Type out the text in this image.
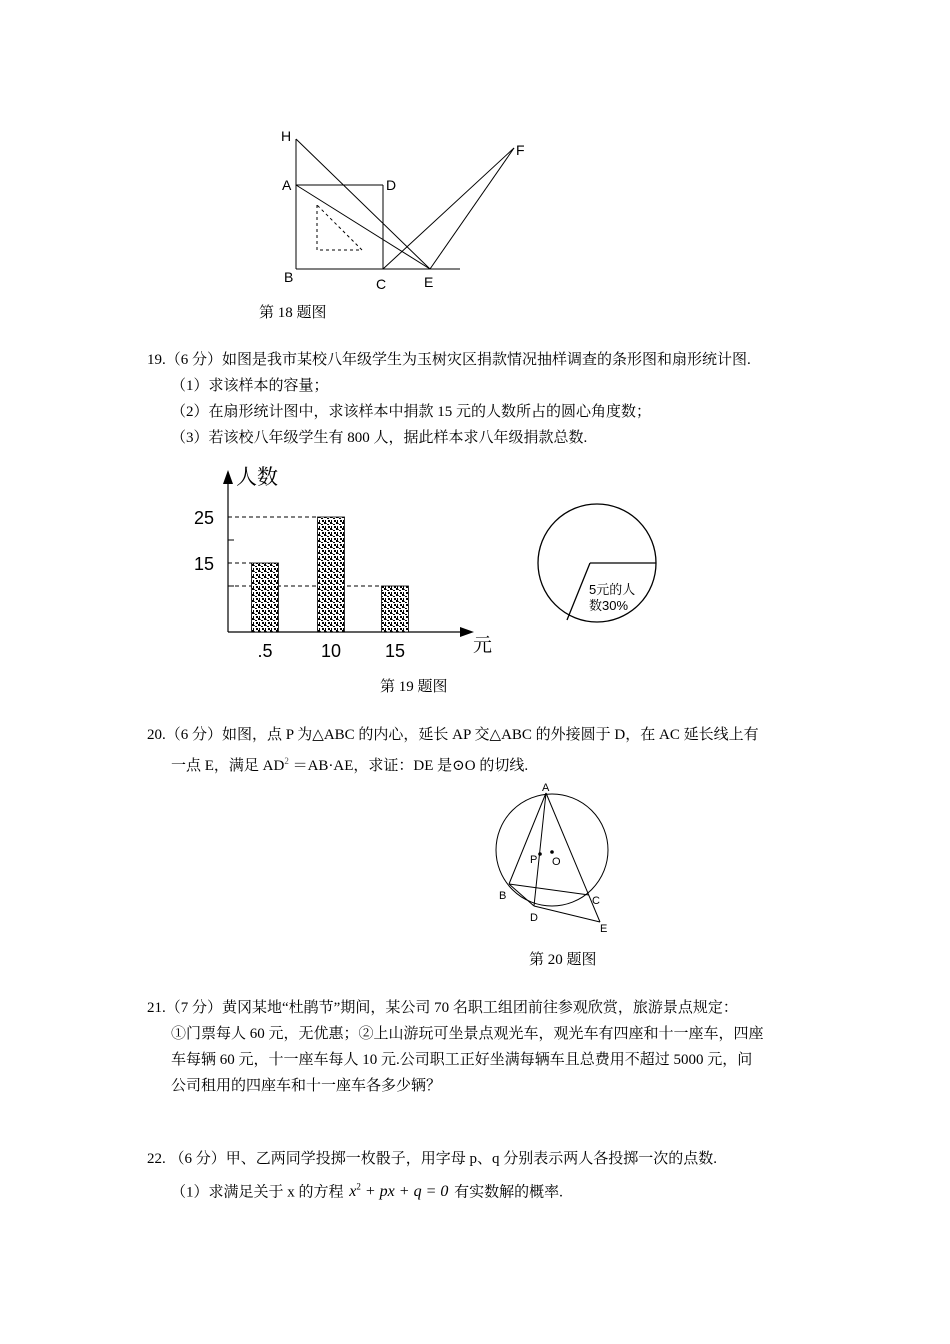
H
A	D
F
B	C	E
第 18 题图
19.（6 分）如图是我市某校八年级学生为玉树灾区捐款情况抽样调查的条形图和扇形统计图.
（1）求该样本的容量；
（2）在扇形统计图中，求该样本中捐款 15 元的人数所占的圆心角度数；
（3）若该校八年级学生有 800 人，据此样本求八年级捐款总数.
人数
元
25
15
.5	10 15
5元的人
数30%
第 19 题图
20.（6 分）如图，点 P 为△ABC 的内心，延长 AP 交△ABC 的外接圆于 D，在 AC 延长线上有
一点 E，满足 $AD^2 =AB\cdot AE$，求证：DE 是⊙O 的切线.
A
P O
B	C
D
E
第 20 题图
21.（7 分）黄冈某地“杜鹃节”期间，某公司 70 名职工组团前往参观欣赏，旅游景点规定：
①门票每人 60 元，无优惠；②上山游玩可坐景点观光车，观光车有四座和十一座车，四座
车每辆 60 元，十一座车每人 10 元.公司职工正好坐满每辆车且总费用不超过 5000 元，问
公司租用的四座车和十一座车各多少辆？
22. （6 分）甲、乙两同学投掷一枚骰子，用字母 p、q 分别表示两人各投掷一次的点数.
（1）求满足关于 x 的方程 $x^2$ + px + q = 0 有实数解的概率.
